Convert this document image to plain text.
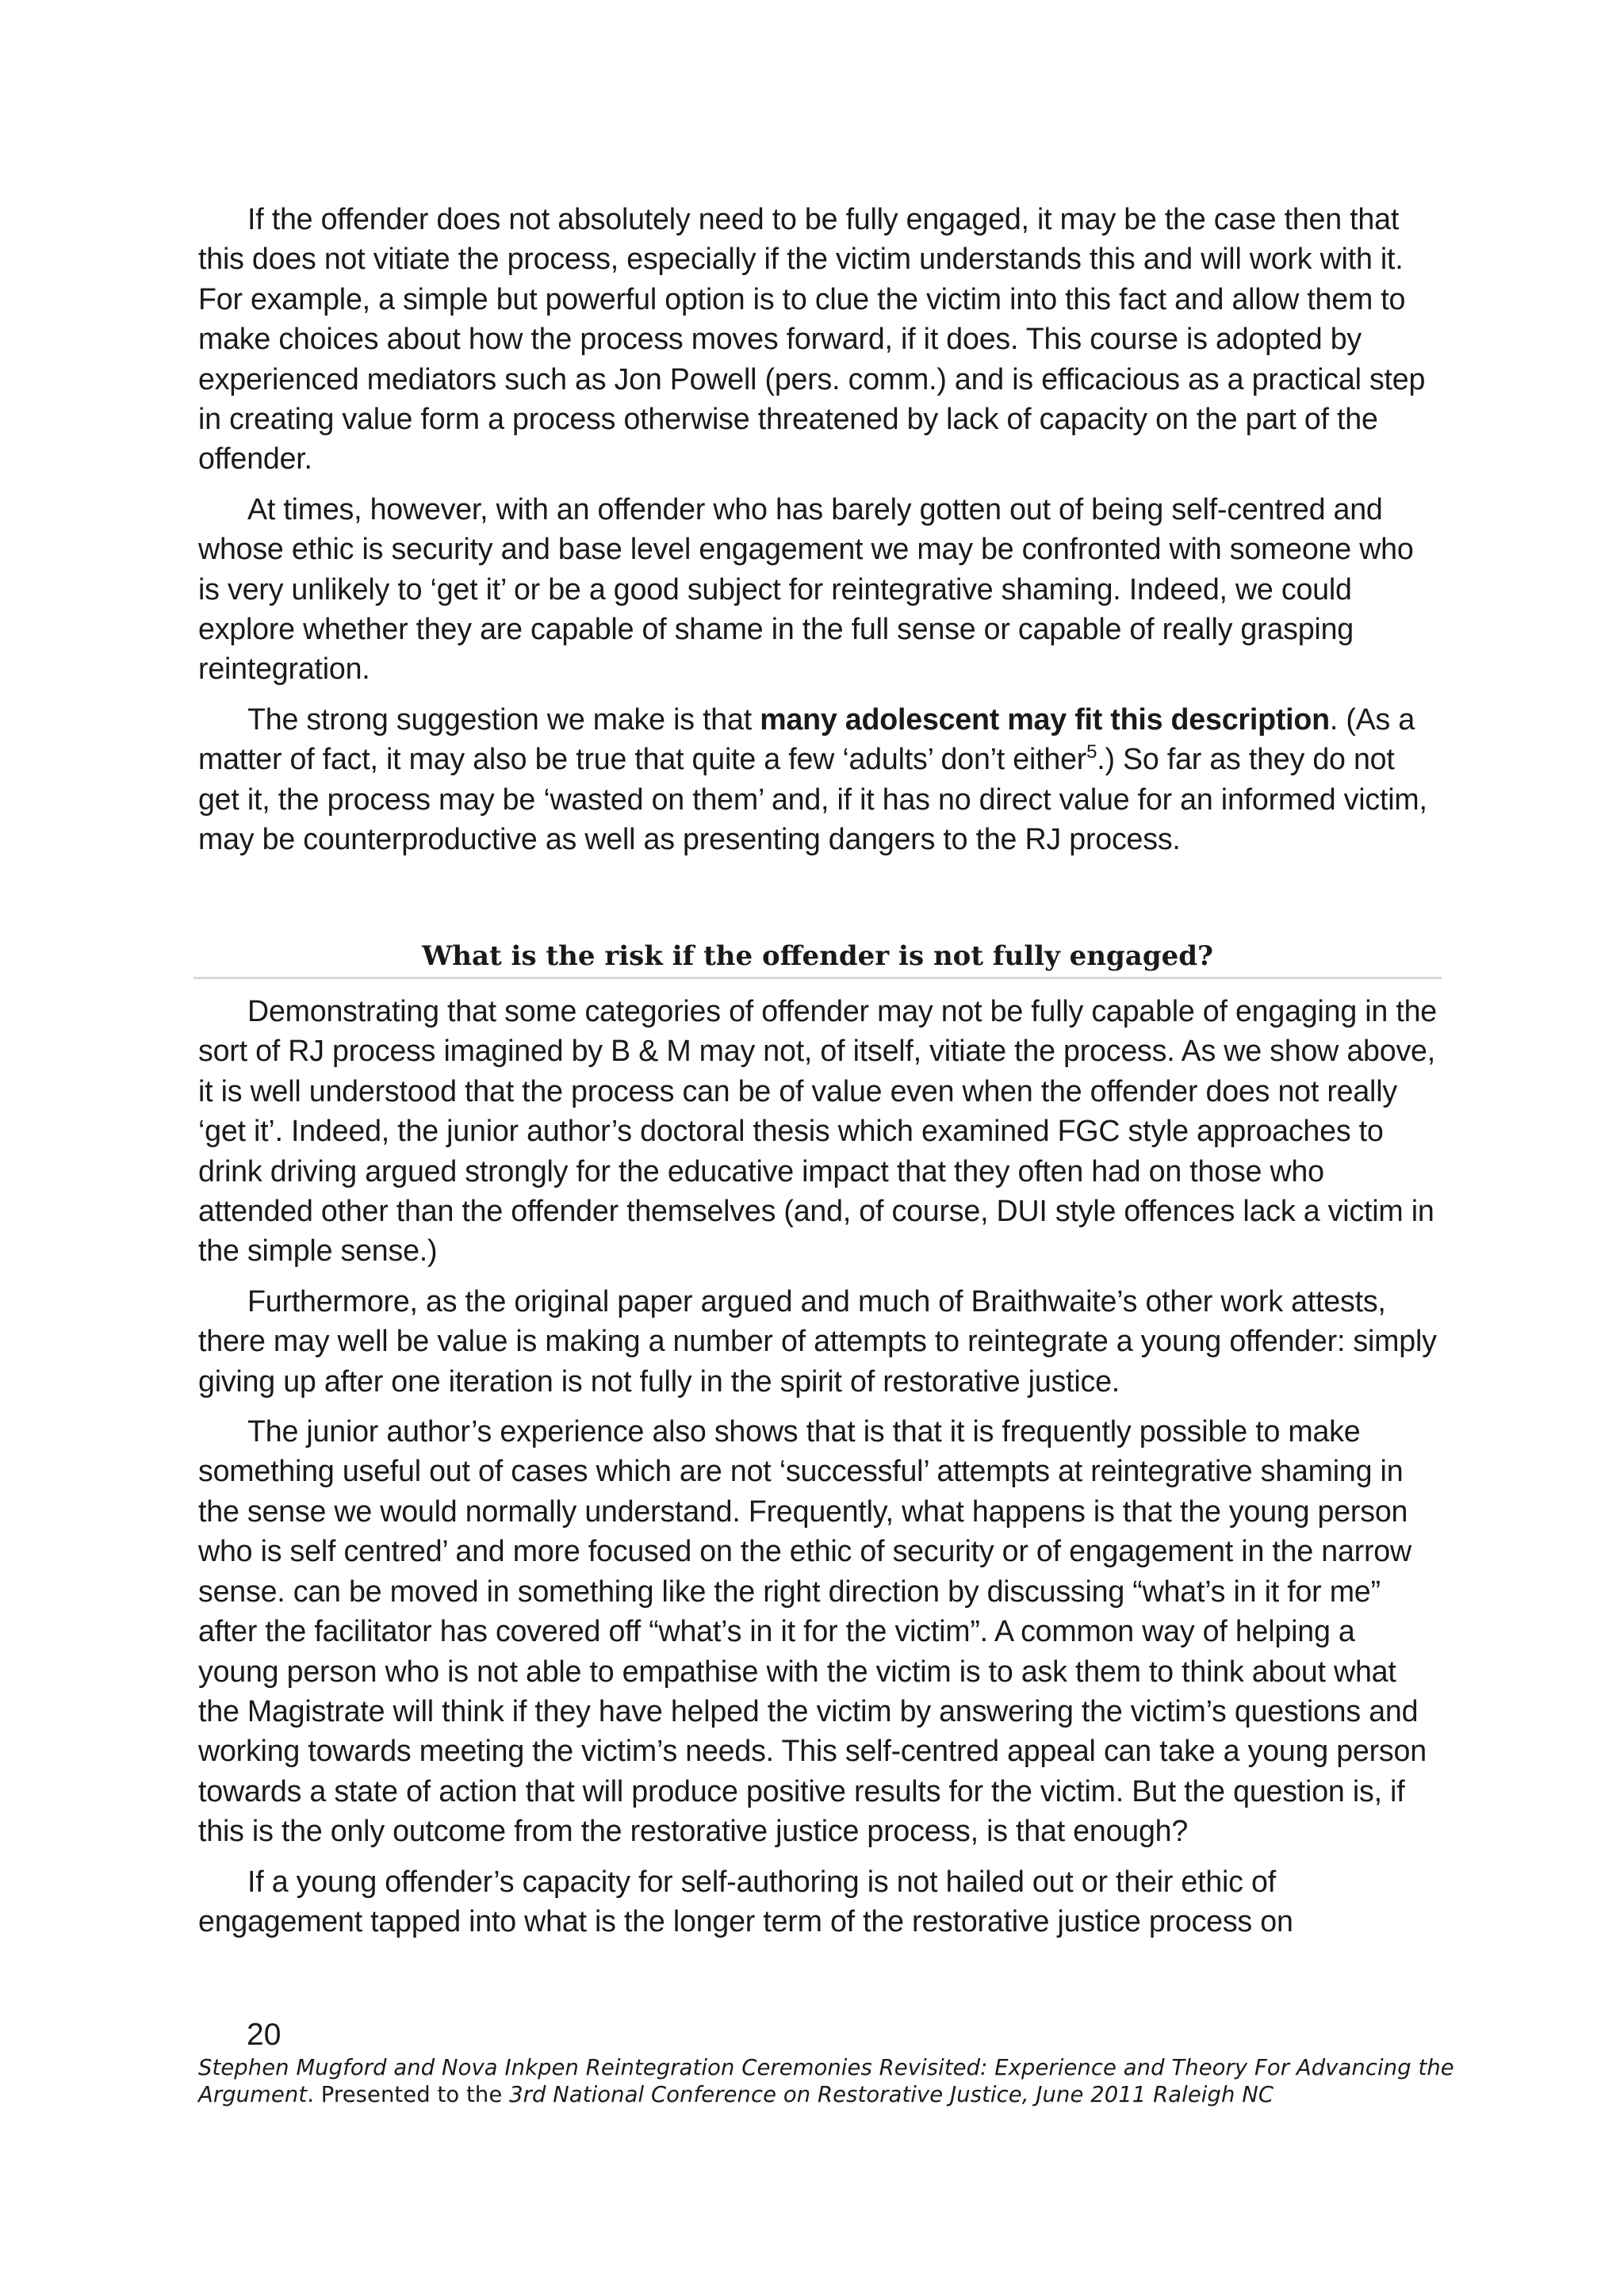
If the offender does not absolutely need to be fully engaged, it may be the case then that this does not vitiate the process, especially if the victim understands this and will work with it. For example, a simple but powerful option is to clue the victim into this fact and allow them to make choices about how the process moves forward, if it does. This course is adopted by experienced mediators such as Jon Powell (pers. comm.) and is efficacious as a practical step in creating value form a process otherwise threatened by lack of capacity on the part of the offender.

At times, however, with an offender who has barely gotten out of being self-centred and whose ethic is security and base level engagement we may be confronted with someone who is very unlikely to ‘get it’ or be a good subject for reintegrative shaming. Indeed, we could explore whether they are capable of shame in the full sense or capable of really grasping reintegration.

The strong suggestion we make is that many adolescent may fit this description. (As a matter of fact, it may also be true that quite a few ‘adults’ don’t either$^5$.) So far as they do not get it, the process may be ‘wasted on them’ and, if it has no direct value for an informed victim, may be counterproductive as well as presenting dangers to the RJ process.

What is the risk if the offender is not fully engaged?

Demonstrating that some categories of offender may not be fully capable of engaging in the sort of RJ process imagined by B & M may not, of itself, vitiate the process. As we show above, it is well understood that the process can be of value even when the offender does not really ‘get it’. Indeed, the junior author’s doctoral thesis which examined FGC style approaches to drink driving argued strongly for the educative impact that they often had on those who attended other than the offender themselves (and, of course, DUI style offences lack a victim in the simple sense.)

Furthermore, as the original paper argued and much of Braithwaite’s other work attests, there may well be value is making a number of attempts to reintegrate a young offender: simply giving up after one iteration is not fully in the spirit of restorative justice.

The junior author’s experience also shows that is that it is frequently possible to make something useful out of cases which are not ‘successful’ attempts at reintegrative shaming in the sense we would normally understand. Frequently, what happens is that the young person who is self centred’ and more focused on the ethic of security or of engagement in the narrow sense. can be moved in something like the right direction by discussing “what’s in it for me” after the facilitator has covered off “what’s in it for the victim”. A common way of helping a young person who is not able to empathise with the victim is to ask them to think about what the Magistrate will think if they have helped the victim by answering the victim’s questions and working towards meeting the victim’s needs. This self-centred appeal can take a young person towards a state of action that will produce positive results for the victim. But the question is, if this is the only outcome from the restorative justice process, is that enough?

If a young offender’s capacity for self-authoring is not hailed out or their ethic of engagement tapped into what is the longer term of the restorative justice process on

20
Stephen Mugford and Nova Inkpen Reintegration Ceremonies Revisited: Experience and Theory For Advancing the Argument. Presented to the 3rd National Conference on Restorative Justice, June 2011 Raleigh NC
